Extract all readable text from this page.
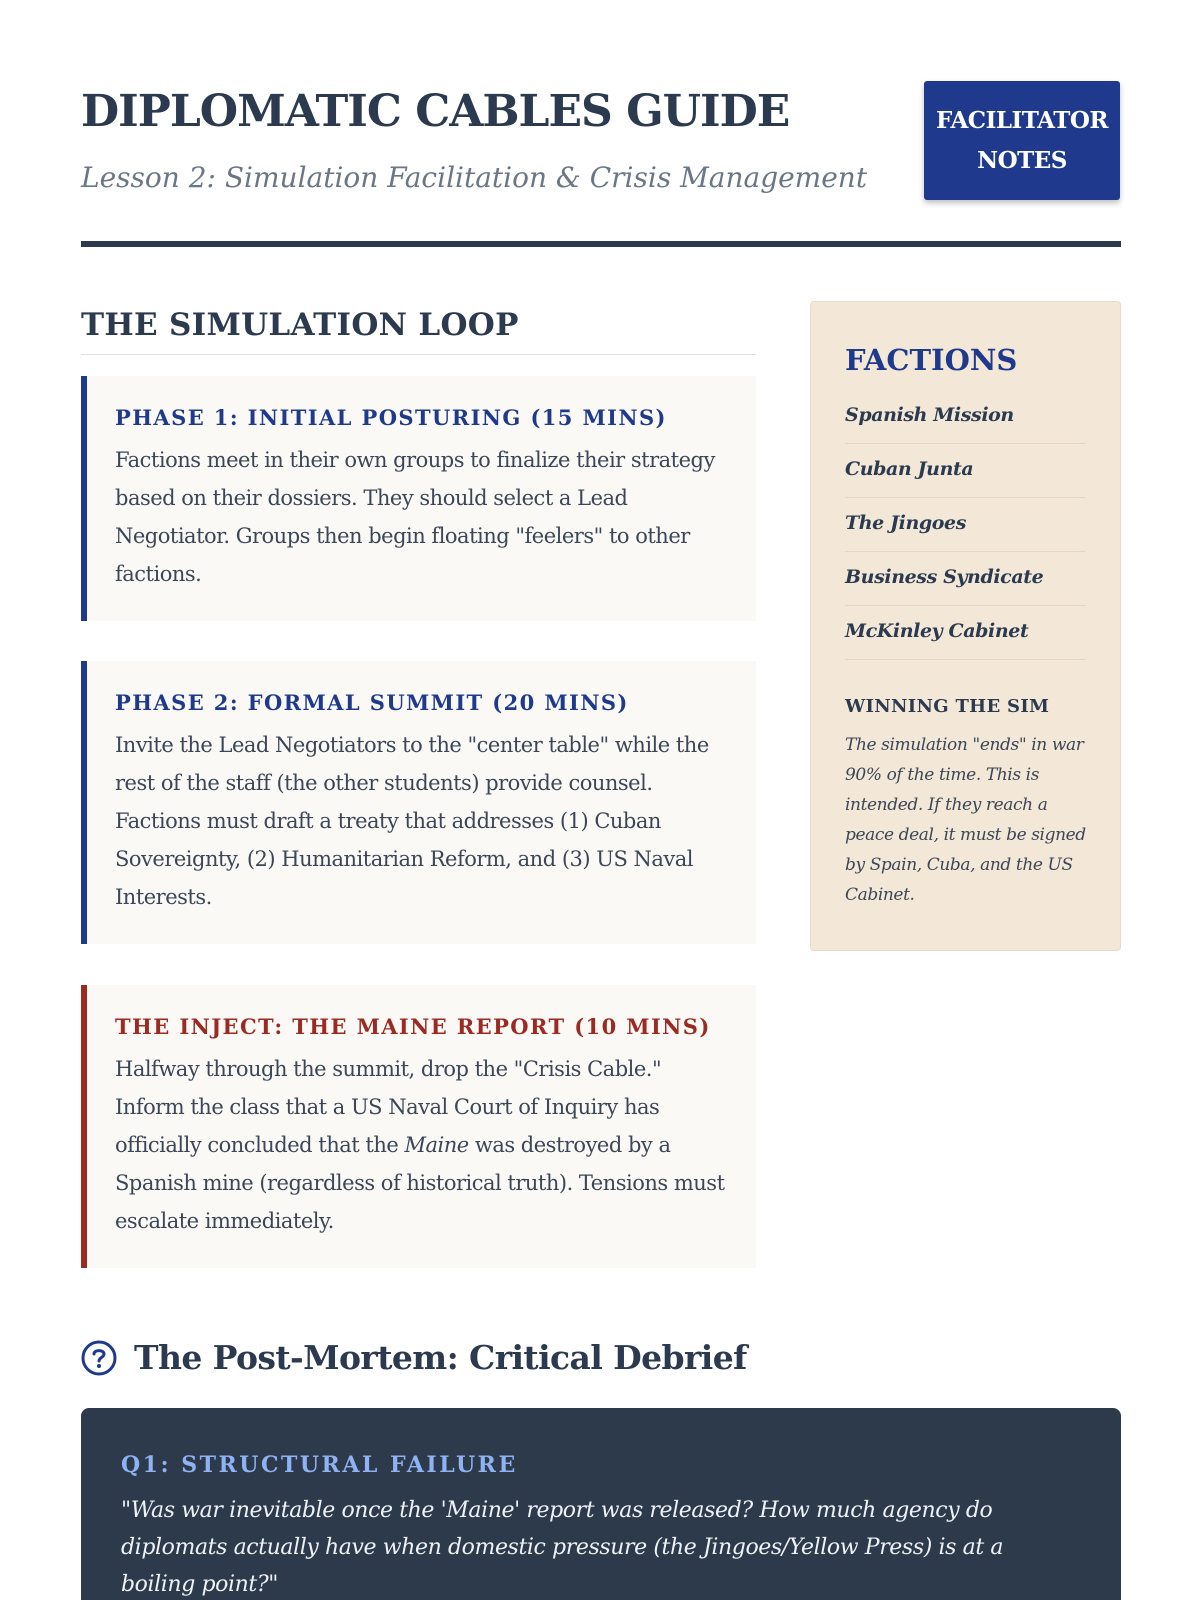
DIPLOMATIC CABLES GUIDE

Lesson 2: Simulation Facilitation & Crisis Management

FACILITATOR
NOTES
THE SIMULATION LOOP
PHASE 1: INITIAL POSTURING (15 MINS)

Factions meet in their own groups to finalize their strategy based on their dossiers. They should select a Lead Negotiator. Groups then begin floating "feelers" to other factions.

PHASE 2: FORMAL SUMMIT (20 MINS)

Invite the Lead Negotiators to the "center table" while the rest of the staff (the other students) provide counsel. Factions must draft a treaty that addresses (1) Cuban Sovereignty, (2) Humanitarian Reform, and (3) US Naval Interests.

THE INJECT: THE MAINE REPORT (10 MINS)

Halfway through the summit, drop the "Crisis Cable." Inform the class that a US Naval Court of Inquiry has officially concluded that the Maine was destroyed by a Spanish mine (regardless of historical truth). Tensions must escalate immediately.

FACTIONS
Spanish Mission
Cuban Junta
The Jingoes
Business Syndicate
McKinley Cabinet
WINNING THE SIM

The simulation "ends" in war 90% of the time. This is intended. If they reach a peace deal, it must be signed by Spain, Cuba, and the US Cabinet.

The Post-Mortem: Critical Debrief
Q1: STRUCTURAL FAILURE

"Was war inevitable once the 'Maine' report was released? How much agency do diplomats actually have when domestic pressure (the Jingoes/Yellow Press) is at a boiling point?"
